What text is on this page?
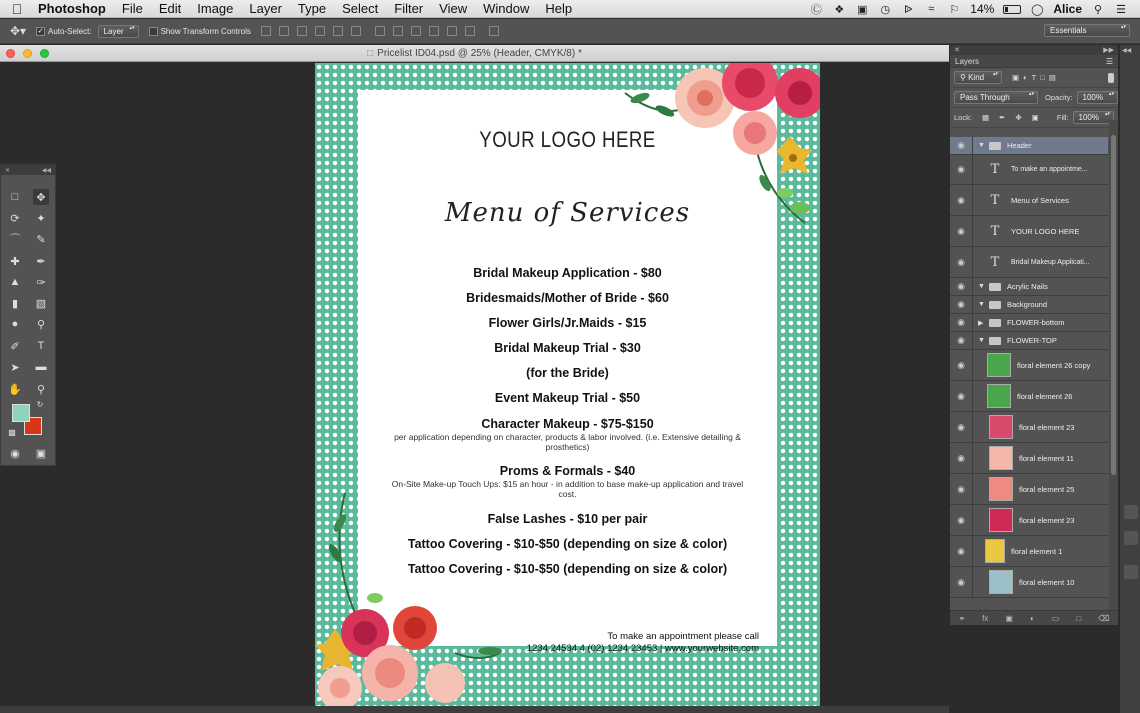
Photoshop	File	Edit	Image	Layer	Type	Select	Filter	View	Window	Help	Ⓒ ❖ ▣ ◷ ᐉ	≈	⚐ 14%	◯ Alice ⚲ ☰
✥▾	✓ Auto-Select:	Layer ▴▾	Show Transform Controls	Essentials ▴▾
□ Pricelist ID04.psd @ 25% (Header, CMYK/8) *
YOUR LOGO HERE
Menu of Services
Bridal Makeup Application - $80
Bridesmaids/Mother of Bride - $60
Flower Girls/Jr.Maids - $15
Bridal Makeup Trial - $30
(for the Bride)
Event Makeup Trial - $50
Character Makeup - $75-$150
per application depending on character, products & labor involved. (i.e. Extensive detailing & prosthetics)
Proms & Formals - $40
On-Site Make-up Touch Ups: $15 an hour - in addition to base make-up application and travel cost.
False Lashes - $10 per pair
Tattoo Covering - $10-$50 (depending on size & color)
Tattoo Covering - $10-$50 (depending on size & color)
To make an appointment please call
1234 24534 4 (02) 1234 23453 | www.yourwebsite.com
✕	◀◀
□	✥
⟳	✦
⌒	✎
✚	✒
▲	✑
▮	▧
●	⚲
✐	T
➤	▬
✋	⚲
↻
▩
◉ ▣
✕	▶▶
Layers	☰
⚲ Kind ▴▾	▣ ◐ T □ ▤
Pass Through ▴▾	Opacity:	100% ▴▾
Lock: ▦ ✒ ✥ ▣ Fill:	100% ▴▾
◉	▼	Header
◉	T	To make an appointme...
◉	T	Menu of Services
◉	T	YOUR LOGO HERE
◉	T	Bridal Makeup Applicati...
◉	▼	Acrylic Nails
◉	▼	Background
◉	▶	FLOWER-bottom
◉	▼	FLOWER-TOP
◉	floral element 26 copy
◉	floral element 26
◉	floral element 23
◉	floral element 11
◉	floral element 25
◉	floral element 23
◉	floral element 1
◉	floral element 10
⚭ fx ▣ ◐ ▭ □ ⌫
◀◀
